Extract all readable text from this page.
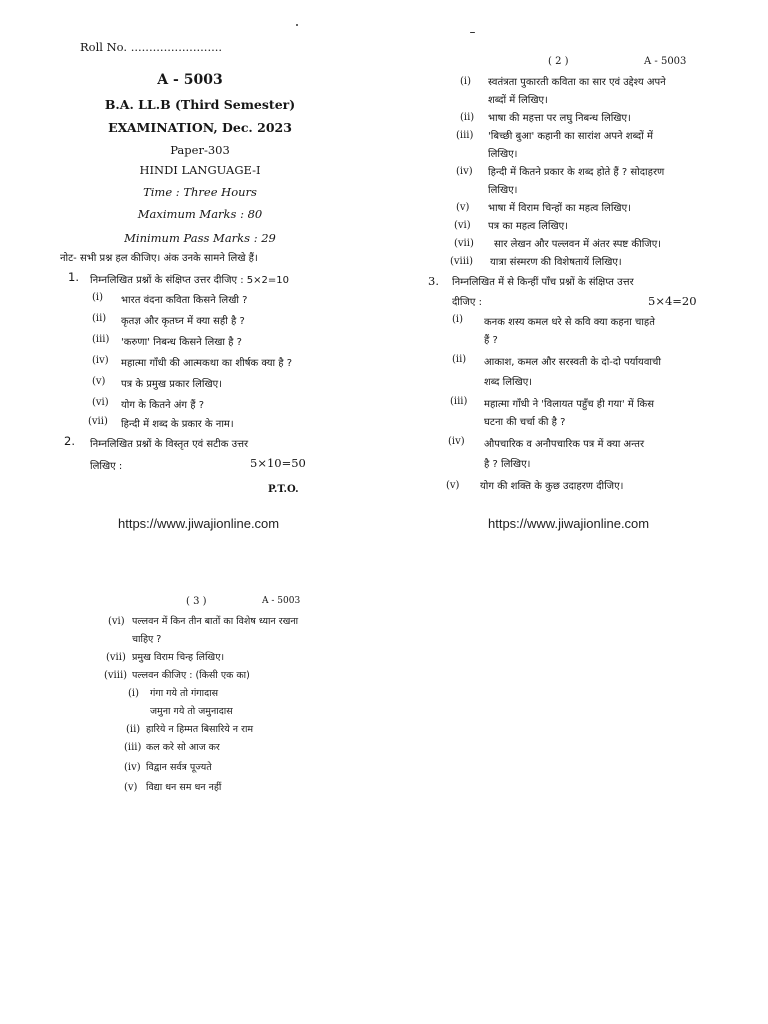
Roll No. .........................
A - 5003
B.A. LL.B (Third Semester)
EXAMINATION, Dec. 2023
Paper-303
HINDI LANGUAGE-I
Time : Three Hours
Maximum Marks : 80
Minimum Pass Marks : 29
नोट- सभी प्रश्न हल कीजिए। अंक उनके सामने लिखे हैं।
1. निम्नलिखित प्रश्नों के संक्षिप्त उत्तर दीजिए : 5×2=10
(i) भारत वंदना कविता किसने लिखी ?
(ii) कृतज्ञ और कृतघ्न में क्या सही है ?
(iii) 'करुणा' निबन्ध किसने लिखा है ?
(iv) महात्मा गाँधी की आत्मकथा का शीर्षक क्या है ?
(v) पत्र के प्रमुख प्रकार लिखिए।
(vi) योग के कितने अंग हैं ?
(vii) हिन्दी में शब्द के प्रकार के नाम।
2. निम्नलिखित प्रश्नों के विस्तृत एवं सटीक उत्तर
लिखिए :	5×10=50
P.T.O.
https://www.jiwajionline.com
( 2 )	A - 5003
(i) स्वतंत्रता पुकारती कविता का सार एवं उद्देश्य अपने
शब्दों में लिखिए।
(ii) भाषा की महत्ता पर लघु निबन्ध लिखिए।
(iii) 'बिच्छी बुआ' कहानी का सारांश अपने शब्दों में
लिखिए।
(iv) हिन्दी में कितने प्रकार के शब्द होते हैं ? सोदाहरण
लिखिए।
(v) भाषा में विराम चिन्हों का महत्व लिखिए।
(vi) पत्र का महत्व लिखिए।
(vii) सार लेखन और पल्लवन में अंतर स्पष्ट कीजिए।
(viii) यात्रा संस्मरण की विशेषतायें लिखिए।
3. निम्नलिखित में से किन्हीं पाँच प्रश्नों के संक्षिप्त उत्तर
दीजिए :	5×4=20
(i) कनक शस्य कमल धरे से कवि क्या कहना चाहते
हैं ?
(ii) आकाश, कमल और सरस्वती के दो-दो पर्यायवाची
शब्द लिखिए।
(iii) महात्मा गाँधी ने 'विलायत पहुँच ही गया' में किस
घटना की चर्चा की है ?
(iv) औपचारिक व अनौपचारिक पत्र में क्या अन्तर
है ? लिखिए।
(v) योग की शक्ति के कुछ उदाहरण दीजिए।
https://www.jiwajionline.com
( 3 )	A - 5003
(vi) पल्लवन में किन तीन बातों का विशेष ध्यान रखना
चाहिए ?
(vii) प्रमुख विराम चिन्ह लिखिए।
(viii) पल्लवन कीजिए : (किसी एक का)
(i) गंगा गये तो गंगादास
जमुना गये तो जमुनादास
(ii) हारिये न हिम्मत बिसारिये न राम
(iii) कल करे सो आज कर
(iv) विद्वान सर्वत्र पूज्यते
(v) विद्या धन सम धन नहीं
